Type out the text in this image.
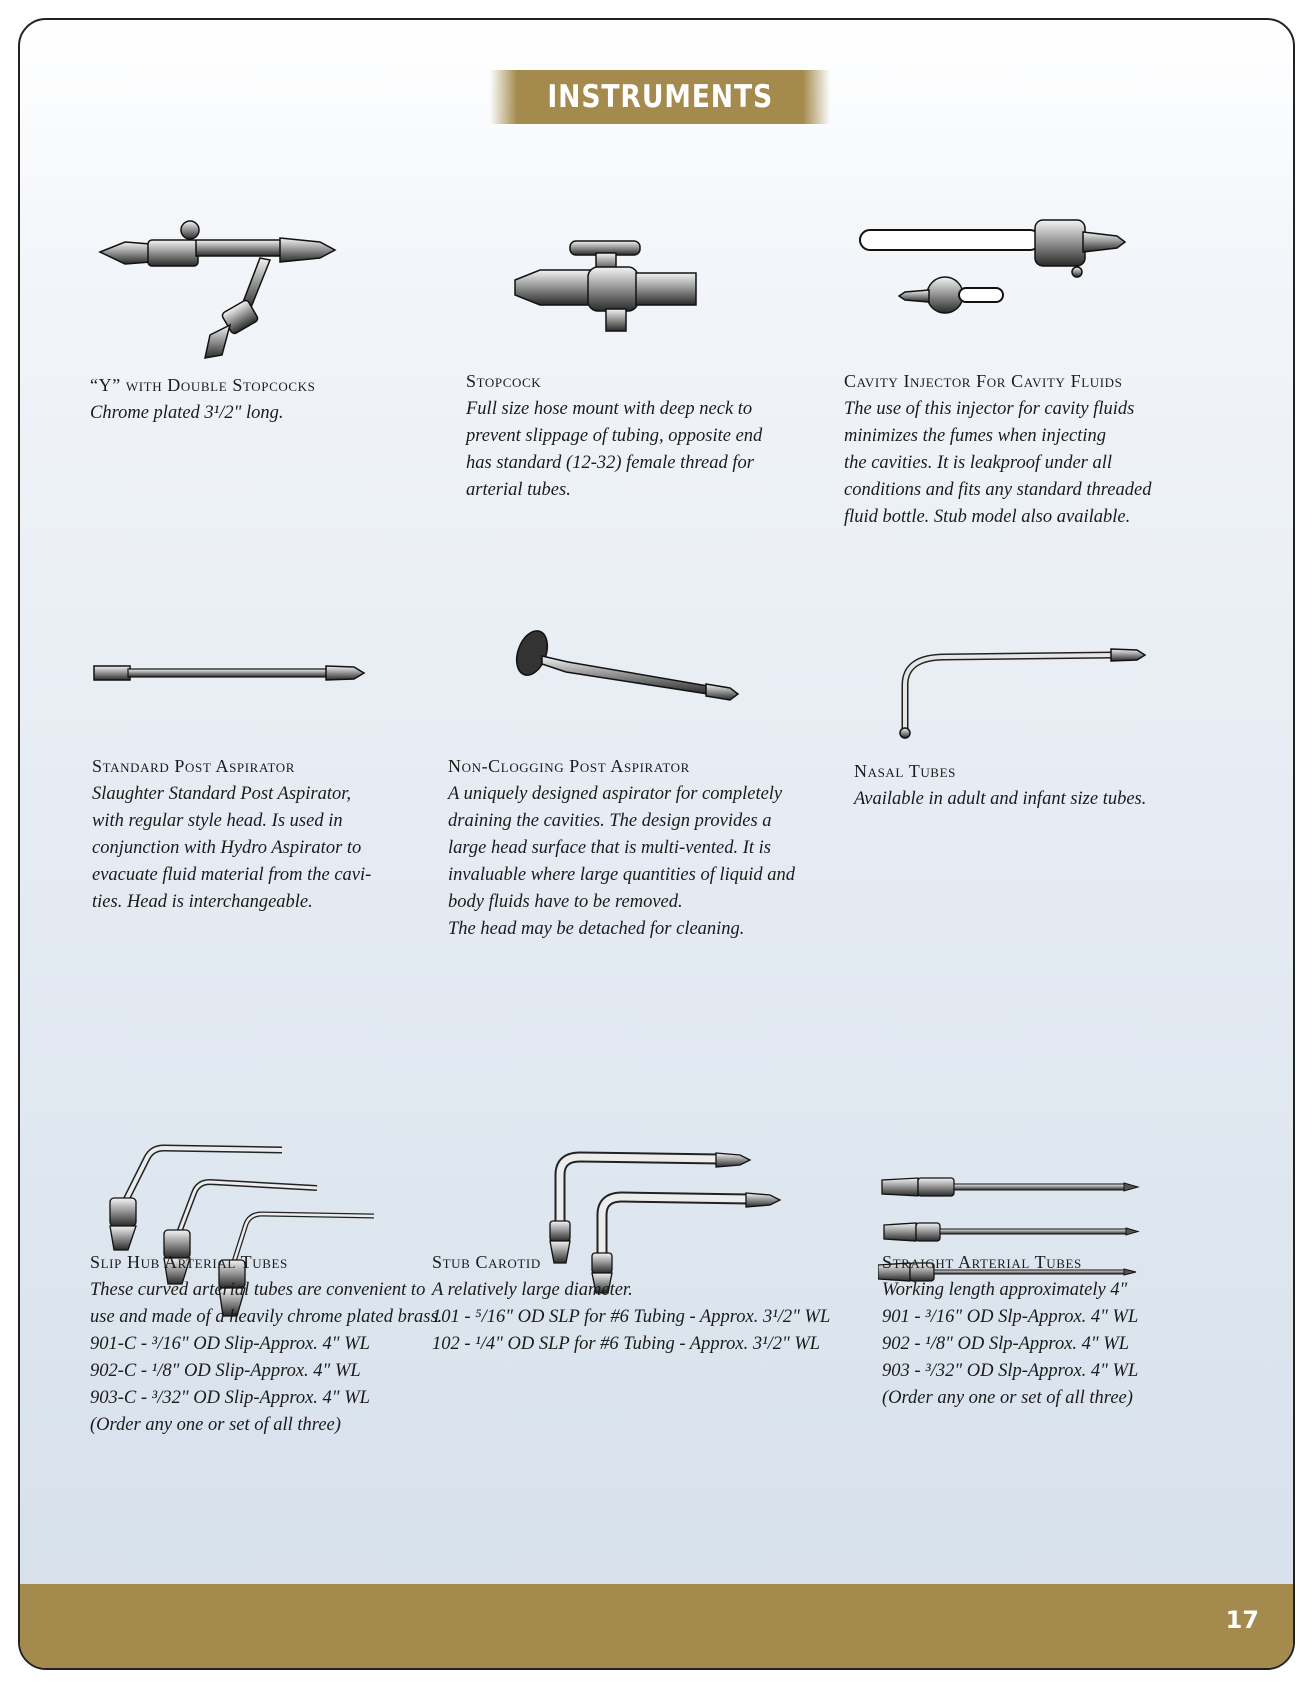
INSTRUMENTS
“Y” with Double Stopcocks
Chrome plated 3¹/2" long.
Stopcock
Full size hose mount with deep neck to
prevent slippage of tubing, opposite end
has standard (12-32) female thread for
arterial tubes.
Cavity Injector For Cavity Fluids
The use of this injector for cavity fluids
minimizes the fumes when injecting
the cavities. It is leakproof under all
conditions and fits any standard threaded
fluid bottle. Stub model also available.
Standard Post Aspirator
Slaughter Standard Post Aspirator,
with regular style head. Is used in
conjunction with Hydro Aspirator to
evacuate fluid material from the cavi-
ties. Head is interchangeable.
Non-Clogging Post Aspirator
A uniquely designed aspirator for completely
draining the cavities. The design provides a
large head surface that is multi-vented. It is
invaluable where large quantities of liquid and
body fluids have to be removed.
The head may be detached for cleaning.
Nasal Tubes
Available in adult and infant size tubes.
Slip Hub Arterial Tubes
These curved arterial tubes are convenient to
use and made of a heavily chrome plated brass.
901-C - ³/16" OD Slip-Approx. 4" WL
902-C - ¹/8" OD Slip-Approx. 4" WL
903-C - ³/32" OD Slip-Approx. 4" WL
(Order any one or set of all three)
Stub Carotid
A relatively large diameter.
101 - ⁵/16" OD SLP for #6 Tubing - Approx. 3¹/2" WL
102 - ¹/4" OD SLP for #6 Tubing - Approx. 3¹/2" WL
Straight Arterial Tubes
Working length approximately 4"
901 - ³/16" OD Slp-Approx. 4" WL
902 - ¹/8" OD Slp-Approx. 4" WL
903 - ³/32" OD Slp-Approx. 4" WL
(Order any one or set of all three)
17
